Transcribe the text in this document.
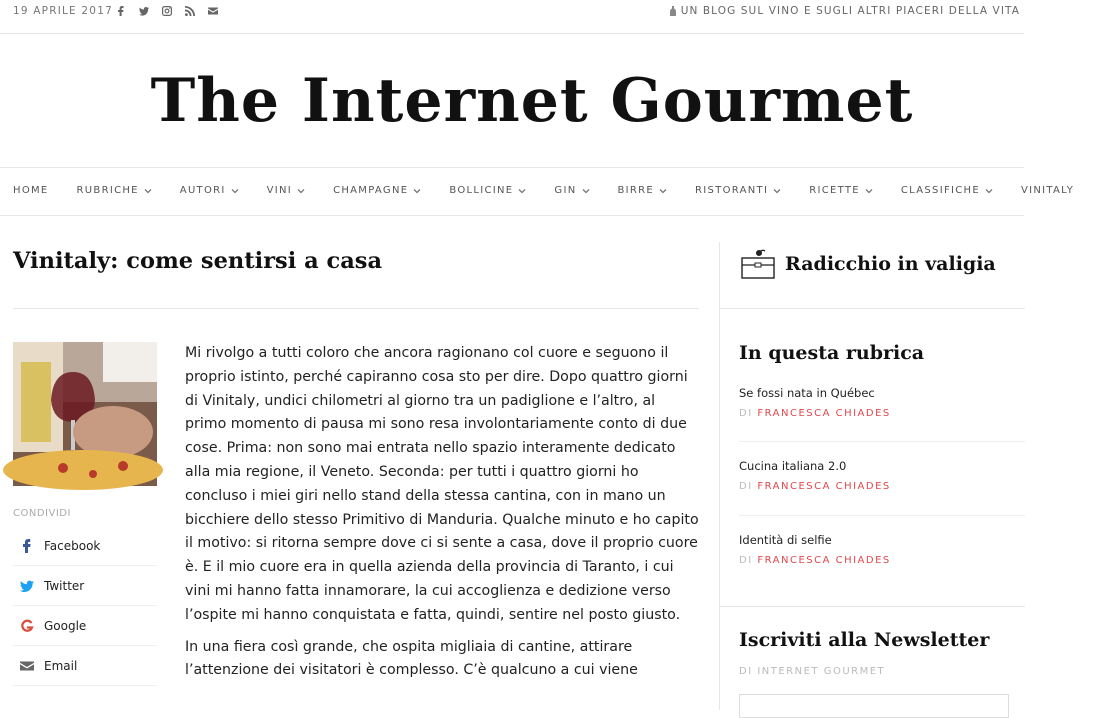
19 APRILE 2017	UN BLOG SUL VINO E SUGLI ALTRI PIACERI DELLA VITA
The Internet Gourmet
HOME	RUBRICHE	AUTORI	VINI	CHAMPAGNE	BOLLICINE	GIN	BIRRE	RISTORANTI	RICETTE	CLASSIFICHE	VINITALY
Vinitaly: come sentirsi a casa
CONDIVIDI
Facebook
Twitter
Google
Email

Mi rivolgo a tutti coloro che ancora ragionano col cuore e seguono il proprio istinto, perché capiranno cosa sto per dire. Dopo quattro giorni di Vinitaly, undici chilometri al giorno tra un padiglione e l’altro, al primo momento di pausa mi sono resa involontariamente conto di due cose. Prima: non sono mai entrata nello spazio interamente dedicato alla mia regione, il Veneto. Seconda: per tutti i quattro giorni ho concluso i miei giri nello stand della stessa cantina, con in mano un bicchiere dello stesso Primitivo di Manduria. Qualche minuto e ho capito il motivo: si ritorna sempre dove ci si sente a casa, dove il proprio cuore è. E il mio cuore era in quella azienda della provincia di Taranto, i cui vini mi hanno fatta innamorare, la cui accoglienza e dedizione verso l’ospite mi hanno conquistata e fatta, quindi, sentire nel posto giusto.

In una fiera così grande, che ospita migliaia di cantine, attirare l’attenzione dei visitatori è complesso. C’è qualcuno a cui viene

Radicchio in valigia
In questa rubrica
Se fossi nata in Québec
DI FRANCESCA CHIADES
Cucina italiana 2.0
DI FRANCESCA CHIADES
Identità di selfie
DI FRANCESCA CHIADES
Iscriviti alla Newsletter
DI INTERNET GOURMET
